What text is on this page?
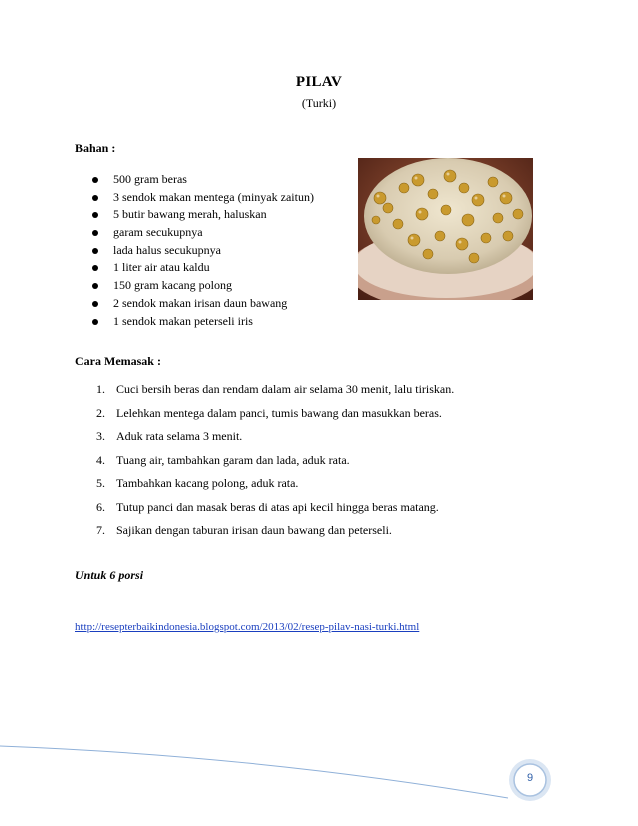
PILAV
(Turki)
Bahan :
500 gram beras
3 sendok makan mentega (minyak zaitun)
5 butir bawang merah, haluskan
garam secukupnya
lada halus secukupnya
1 liter air atau kaldu
150 gram kacang polong
2 sendok makan irisan daun bawang
1 sendok makan peterseli iris
Cara Memasak :
1. Cuci bersih beras dan rendam dalam air selama 30 menit, lalu tiriskan.
2. Lelehkan mentega dalam panci, tumis bawang dan masukkan beras.
3. Aduk rata selama 3 menit.
4. Tuang air, tambahkan garam dan lada, aduk rata.
5. Tambahkan kacang polong, aduk rata.
6. Tutup panci dan masak beras di atas api kecil hingga beras matang.
7. Sajikan dengan taburan irisan daun bawang dan peterseli.
Untuk 6 porsi
http://resepterbaikindonesia.blogspot.com/2013/02/resep-pilav-nasi-turki.html
9
